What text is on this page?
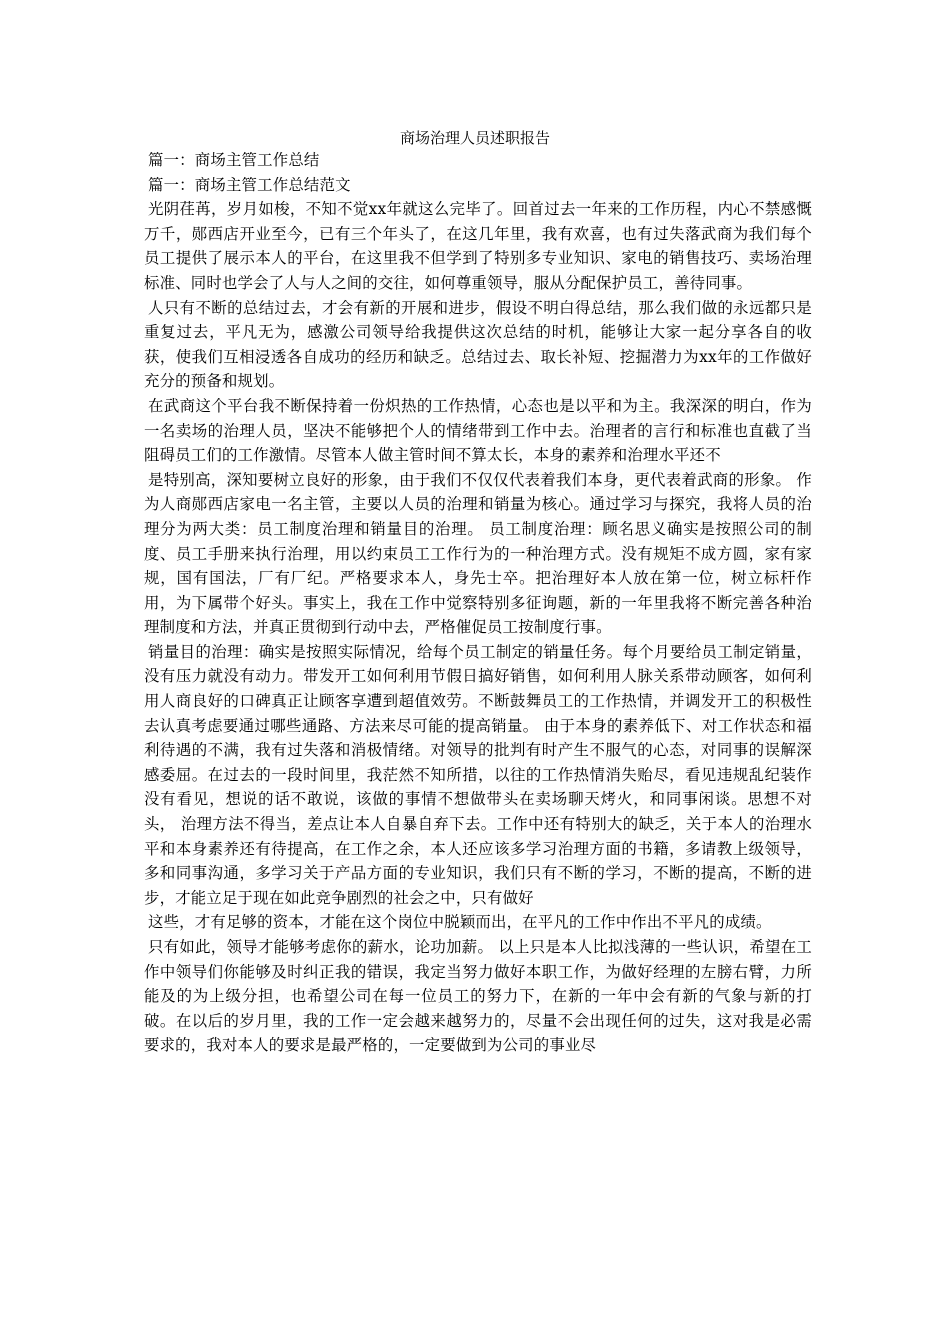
商场治理人员述职报告

篇一：商场主管工作总结

篇一：商场主管工作总结范文

光阴荏苒，岁月如梭，不知不觉xx年就这么完毕了。回首过去一年来的工作历程，内心不禁感慨万千，郧西店开业至今，已有三个年头了，在这几年里，我有欢喜，也有过失落武商为我们每个员工提供了展示本人的平台，在这里我不但学到了特别多专业知识、家电的销售技巧、卖场治理标准、同时也学会了人与人之间的交往，如何尊重领导，服从分配保护员工，善待同事。

人只有不断的总结过去，才会有新的开展和进步，假设不明白得总结，那么我们做的永远都只是重复过去，平凡无为，感激公司领导给我提供这次总结的时机，能够让大家一起分享各自的收获，使我们互相浸透各自成功的经历和缺乏。总结过去、取长补短、挖掘潜力为xx年的工作做好充分的预备和规划。

在武商这个平台我不断保持着一份炽热的工作热情，心态也是以平和为主。我深深的明白，作为一名卖场的治理人员，坚决不能够把个人的情绪带到工作中去。治理者的言行和标准也直截了当阻碍员工们的工作激情。尽管本人做主管时间不算太长，本身的素养和治理水平还不

是特别高，深知要树立良好的形象，由于我们不仅仅代表着我们本身，更代表着武商的形象。 作为人商郧西店家电一名主管，主要以人员的治理和销量为核心。通过学习与探究，我将人员的治理分为两大类：员工制度治理和销量目的治理。 员工制度治理：顾名思义确实是按照公司的制度、员工手册来执行治理，用以约束员工工作行为的一种治理方式。没有规矩不成方圆，家有家规，国有国法，厂有厂纪。严格要求本人，身先士卒。把治理好本人放在第一位，树立标杆作用，为下属带个好头。事实上，我在工作中觉察特别多征询题，新的一年里我将不断完善各种治理制度和方法，并真正贯彻到行动中去，严格催促员工按制度行事。

销量目的治理：确实是按照实际情况，给每个员工制定的销量任务。每个月要给员工制定销量，没有压力就没有动力。带发开工如何利用节假日搞好销售，如何利用人脉关系带动顾客，如何利用人商良好的口碑真正让顾客享遭到超值效劳。不断鼓舞员工的工作热情，并调发开工的积极性去认真考虑要通过哪些通路、方法来尽可能的提高销量。 由于本身的素养低下、对工作状态和福利待遇的不满，我有过失落和消极情绪。对领导的批判有时产生不服气的心态，对同事的误解深感委屈。在过去的一段时间里，我茫然不知所措，以往的工作热情消失贻尽，看见违规乱纪装作没有看见，想说的话不敢说，该做的事情不想做带头在卖场聊天烤火，和同事闲谈。思想不对头， 治理方法不得当，差点让本人自暴自弃下去。工作中还有特别大的缺乏，关于本人的治理水平和本身素养还有待提高，在工作之余，本人还应该多学习治理方面的书籍，多请教上级领导，多和同事沟通，多学习关于产品方面的专业知识，我们只有不断的学习，不断的提高，不断的进步，才能立足于现在如此竞争剧烈的社会之中，只有做好

这些，才有足够的资本，才能在这个岗位中脱颖而出，在平凡的工作中作出不平凡的成绩。

只有如此，领导才能够考虑你的薪水，论功加薪。 以上只是本人比拟浅薄的一些认识，希望在工作中领导们你能够及时纠正我的错误，我定当努力做好本职工作，为做好经理的左膀右臂，力所能及的为上级分担，也希望公司在每一位员工的努力下，在新的一年中会有新的气象与新的打破。在以后的岁月里，我的工作一定会越来越努力的，尽量不会出现任何的过失，这对我是必需要求的，我对本人的要求是最严格的，一定要做到为公司的事业尽
